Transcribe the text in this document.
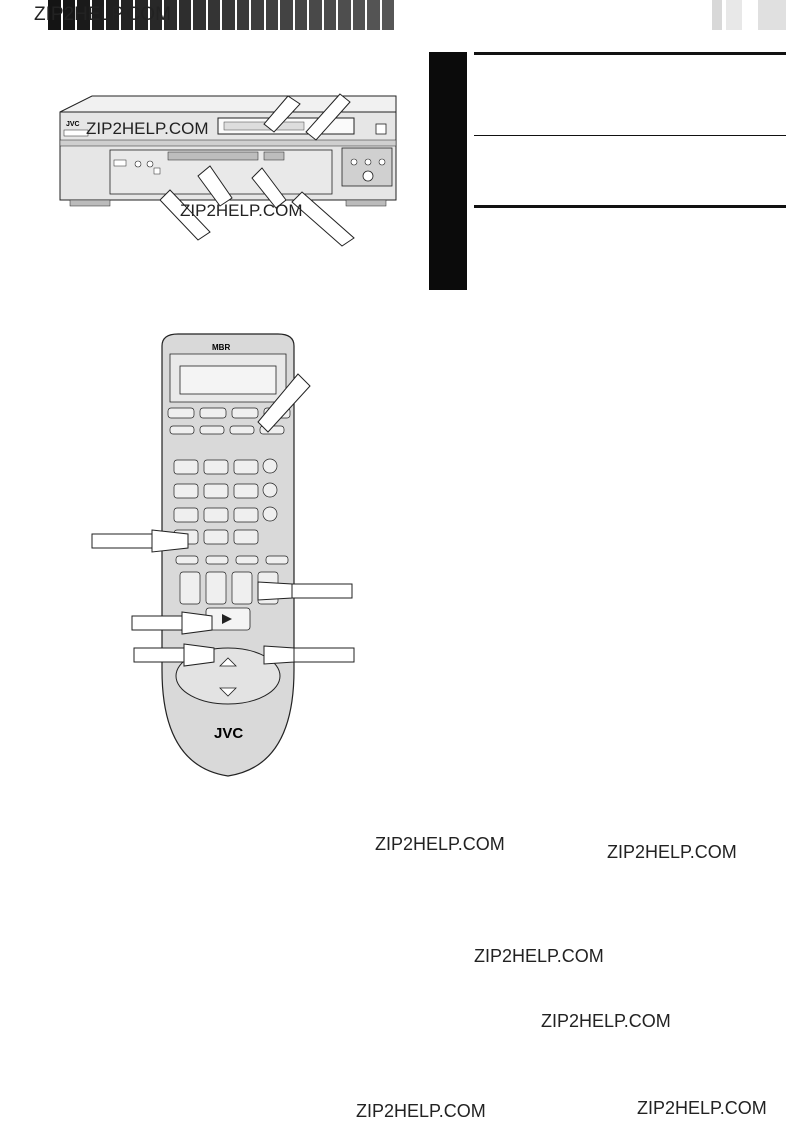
ZIP2HELP.COM
JVC ZIP2HELP.COM
ZIP2HELP.COM
MBR
JVC
ZIP2HELP.COM	ZIP2HELP.COM
ZIP2HELP.COM
ZIP2HELP.COM
ZIP2HELP.COM	ZIP2HELP.COM
